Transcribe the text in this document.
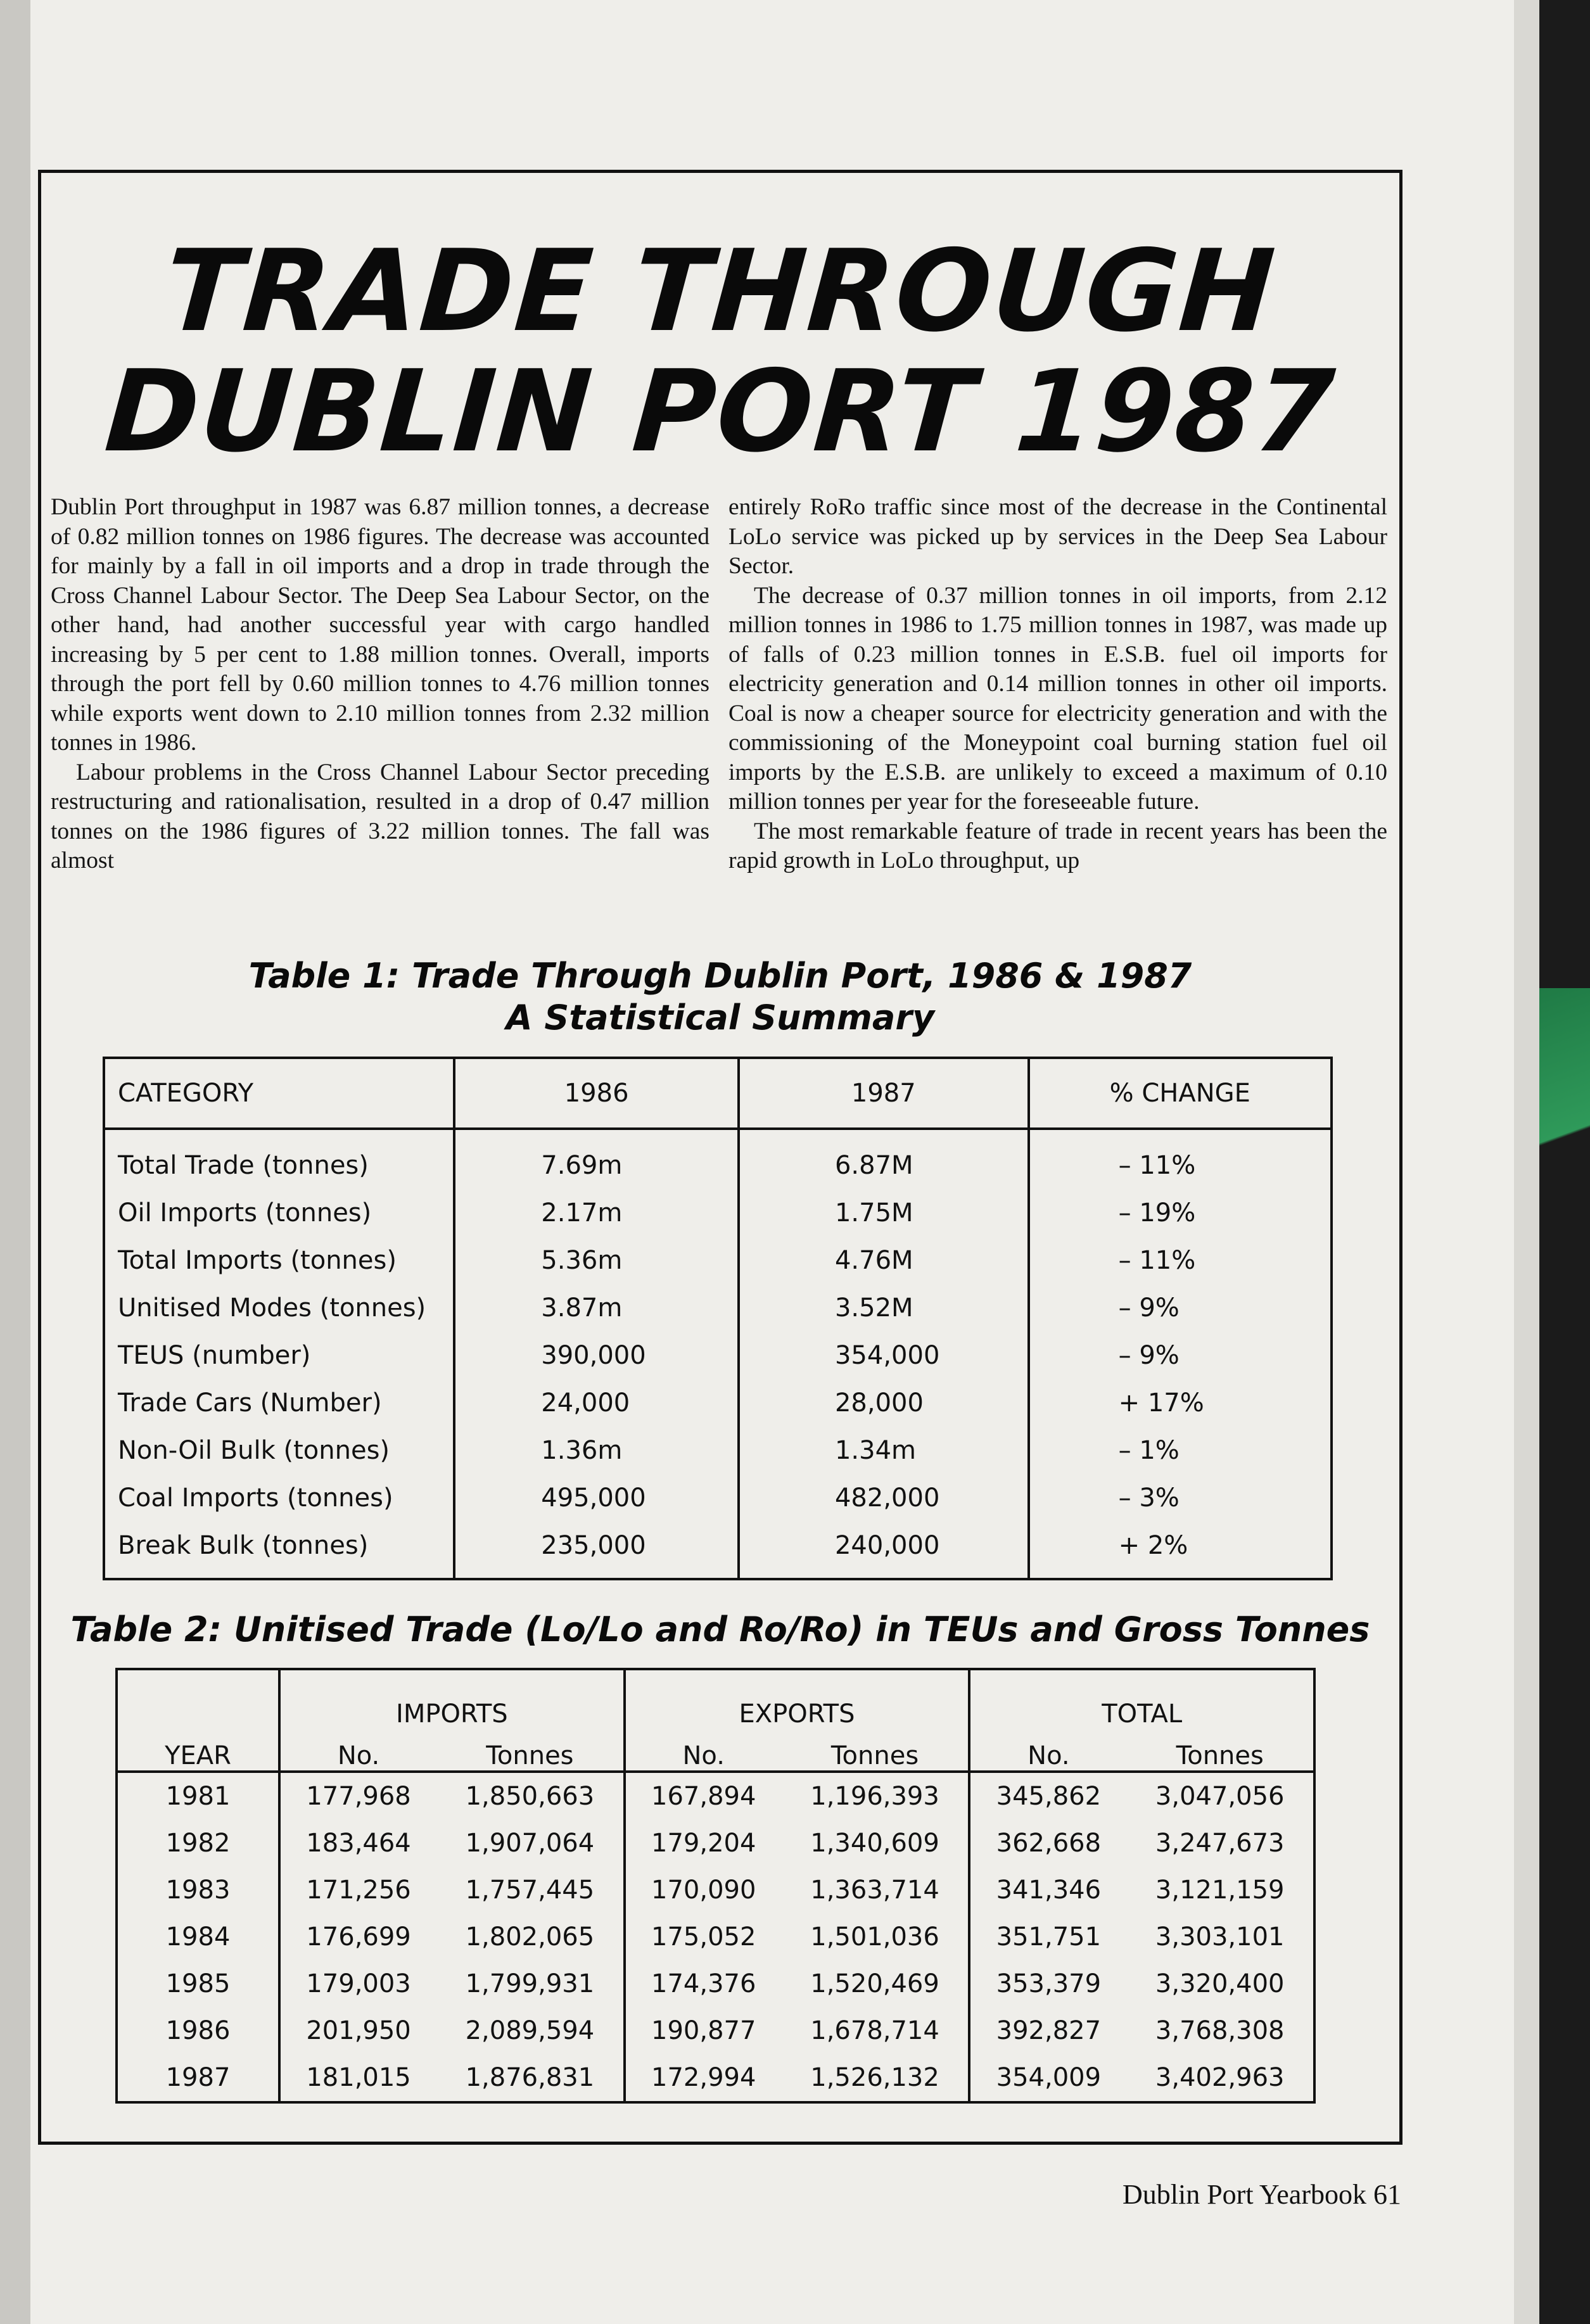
TRADE THROUGH
DUBLIN PORT 1987

Dublin Port throughput in 1987 was 6.87 million tonnes, a decrease of 0.82 million tonnes on 1986 figures. The decrease was accounted for mainly by a fall in oil imports and a drop in trade through the Cross Channel Labour Sector. The Deep Sea Labour Sector, on the other hand, had another successful year with cargo handled increasing by 5 per cent to 1.88 million tonnes. Overall, imports through the port fell by 0.60 million tonnes to 4.76 million tonnes while exports went down to 2.10 million tonnes from 2.32 million tonnes in 1986.

Labour problems in the Cross Channel Labour Sector preceding restructuring and rationalisation, resulted in a drop of 0.47 million tonnes on the 1986 figures of 3.22 million tonnes. The fall was almost

entirely RoRo traffic since most of the decrease in the Continental LoLo service was picked up by services in the Deep Sea Labour Sector.

The decrease of 0.37 million tonnes in oil imports, from 2.12 million tonnes in 1986 to 1.75 million tonnes in 1987, was made up of falls of 0.23 million tonnes in E.S.B. fuel oil imports for electricity generation and 0.14 million tonnes in other oil imports. Coal is now a cheaper source for electricity generation and with the commissioning of the Moneypoint coal burning station fuel oil imports by the E.S.B. are unlikely to exceed a maximum of 0.10 million tonnes per year for the foreseeable future.

The most remarkable feature of trade in recent years has been the rapid growth in LoLo throughput, up

Table 1: Trade Through Dublin Port, 1986 & 1987
A Statistical Summary
CATEGORY	1986	1987	% CHANGE
Total Trade (tonnes)	7.69m	6.87M	– 11%
Oil Imports (tonnes)	2.17m	1.75M	– 19%
Total Imports (tonnes)	5.36m	4.76M	– 11%
Unitised Modes (tonnes)	3.87m	3.52M	– 9%
TEUS (number)	390,000	354,000	– 9%
Trade Cars (Number)	24,000	28,000	+ 17%
Non-Oil Bulk (tonnes)	1.36m	1.34m	– 1%
Coal Imports (tonnes)	495,000	482,000	– 3%
Break Bulk (tonnes)	235,000	240,000	+ 2%
Table 2: Unitised Trade (Lo/Lo and Ro/Ro) in TEUs and Gross Tonnes
	IMPORTS		EXPORTS		TOTAL	
YEAR	No.	Tonnes	No.	Tonnes	No.	Tonnes
1981	177,968	1,850,663	167,894	1,196,393	345,862	3,047,056
1982	183,464	1,907,064	179,204	1,340,609	362,668	3,247,673
1983	171,256	1,757,445	170,090	1,363,714	341,346	3,121,159
1984	176,699	1,802,065	175,052	1,501,036	351,751	3,303,101
1985	179,003	1,799,931	174,376	1,520,469	353,379	3,320,400
1986	201,950	2,089,594	190,877	1,678,714	392,827	3,768,308
1987	181,015	1,876,831	172,994	1,526,132	354,009	3,402,963
Dublin Port Yearbook 61
